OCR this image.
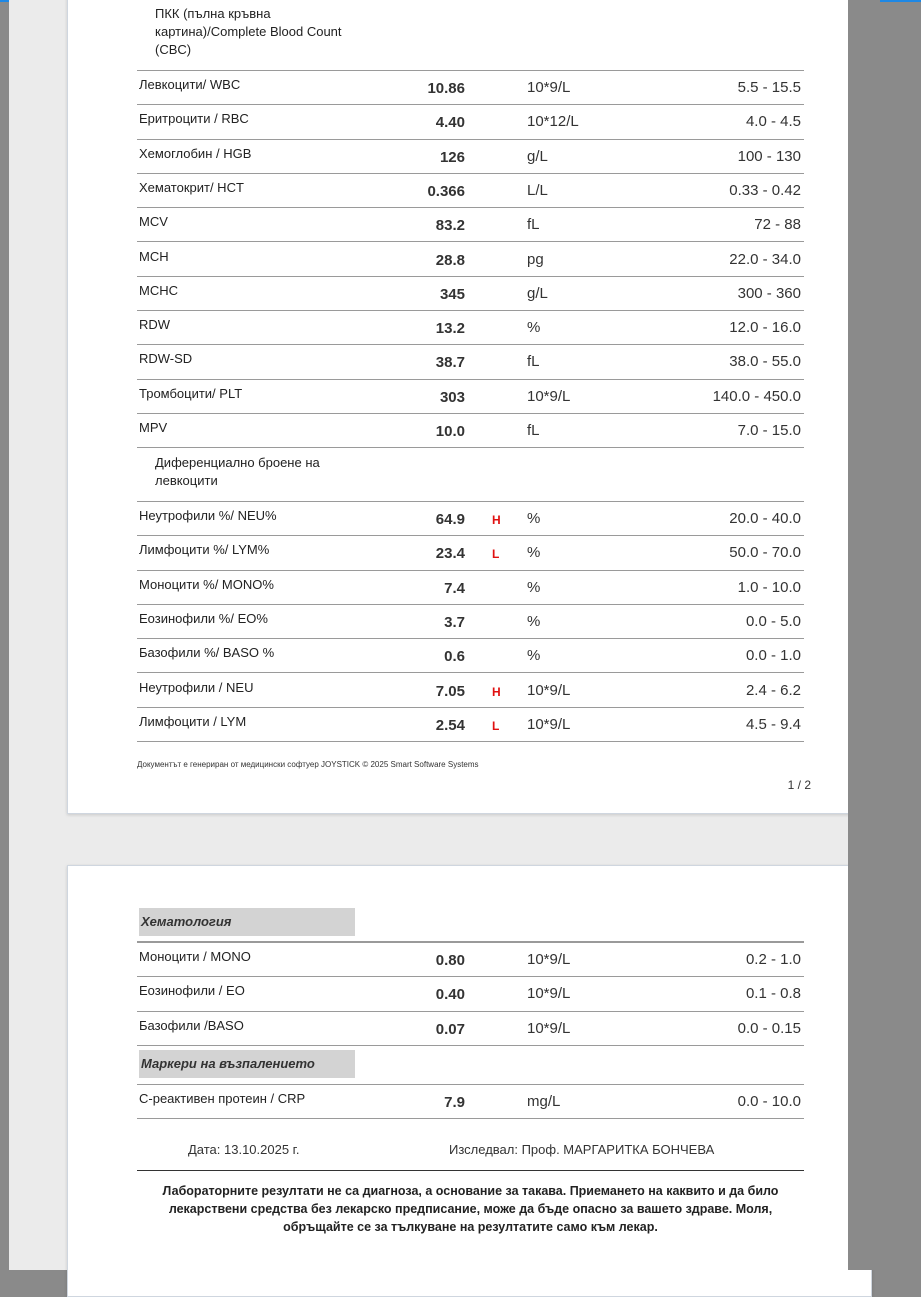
ПКК (пълна кръвна картина)/Complete Blood Count (CBC)
Левкоцити/ WBC	10.86	10*9/L	5.5 - 15.5
Еритроцити / RBC	4.40	10*12/L	4.0 - 4.5
Хемоглобин / HGB	126	g/L	100 - 130
Хематокрит/ HCT	0.366	L/L	0.33 - 0.42
MCV	83.2	fL	72 - 88
MCH	28.8	pg	22.0 - 34.0
MCHC	345	g/L	300 - 360
RDW	13.2	%	12.0 - 16.0
RDW-SD	38.7	fL	38.0 - 55.0
Тромбоцити/ PLT	303	10*9/L	140.0 - 450.0
MPV	10.0	fL	7.0 - 15.0
Диференциално броене на левкоцити
Неутрофили %/ NEU%	64.9 H %	20.0 - 40.0
Лимфоцити %/ LYM%	23.4 L %	50.0 - 70.0
Моноцити %/ MONO%	7.4	%	1.0 - 10.0
Еозинофили %/ EO%	3.7	%	0.0 - 5.0
Базофили %/ BASO %	0.6	%	0.0 - 1.0
Неутрофили / NEU	7.05 H 10*9/L	2.4 - 6.2
Лимфоцити / LYM	2.54 L 10*9/L	4.5 - 9.4
Документът е генериран от медицински софтуер JOYSTICK © 2025 Smart Software Systems
1 / 2
Хематология
Моноцити / MONO	0.80	10*9/L	0.2 - 1.0
Еозинофили / EO	0.40	10*9/L	0.1 - 0.8
Базофили /BASO	0.07	10*9/L	0.0 - 0.15
Маркери на възпалението
C-реактивен протеин / CRP	7.9	mg/L	0.0 - 10.0
Дата: 13.10.2025 г.	Изследвал: Проф. МАРГАРИТКА БОНЧЕВА
Лабораторните резултати не са диагноза, а основание за такава. Приемането на каквито и да било лекарствени средства без лекарско предписание, може да бъде опасно за вашето здраве. Моля, обръщайте се за тълкуване на резултатите само към лекар.
